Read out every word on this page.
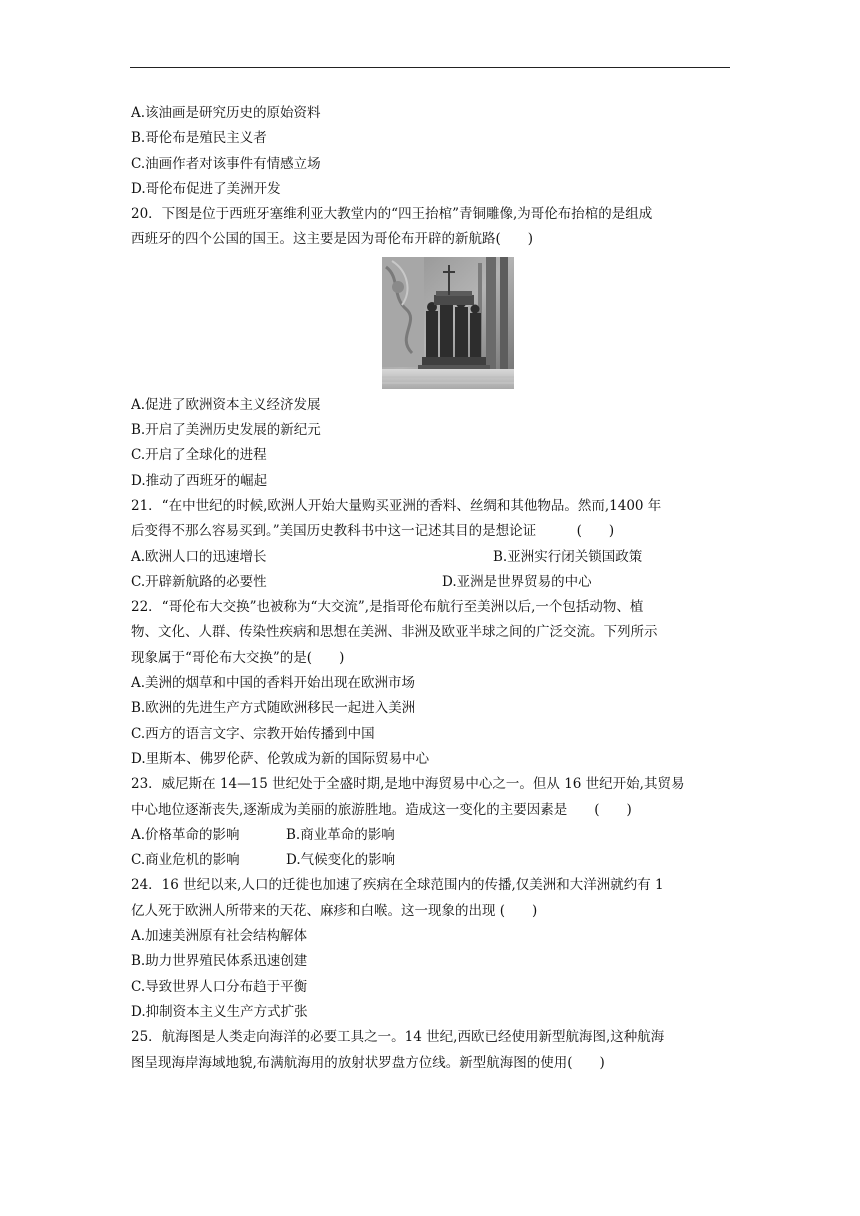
A.该油画是研究历史的原始资料
B.哥伦布是殖民主义者
C.油画作者对该事件有情感立场
D.哥伦布促进了美洲开发
20．下图是位于西班牙塞维利亚大教堂内的“四王抬棺”青铜雕像,为哥伦布抬棺的是组成
西班牙的四个公国的国王。这主要是因为哥伦布开辟的新航路(　　)
A.促进了欧洲资本主义经济发展
B.开启了美洲历史发展的新纪元
C.开启了全球化的进程
D.推动了西班牙的崛起
21．“在中世纪的时候,欧洲人开始大量购买亚洲的香料、丝绸和其他物品。然而,1400 年
后变得不那么容易买到。”美国历史教科书中这一记述其目的是想论证　　　(　　)
A.欧洲人口的迅速增长	B.亚洲实行闭关锁国政策
C.开辟新航路的必要性	D.亚洲是世界贸易的中心
22．“哥伦布大交换”也被称为“大交流”,是指哥伦布航行至美洲以后,一个包括动物、植
物、文化、人群、传染性疾病和思想在美洲、非洲及欧亚半球之间的广泛交流。下列所示
现象属于“哥伦布大交换”的是(　　)
A.美洲的烟草和中国的香料开始出现在欧洲市场
B.欧洲的先进生产方式随欧洲移民一起进入美洲
C.西方的语言文字、宗教开始传播到中国
D.里斯本、佛罗伦萨、伦敦成为新的国际贸易中心
23．威尼斯在 14—15 世纪处于全盛时期,是地中海贸易中心之一。但从 16 世纪开始,其贸易
中心地位逐渐丧失,逐渐成为美丽的旅游胜地。造成这一变化的主要因素是　　(　　)
A.价格革命的影响	B.商业革命的影响
C.商业危机的影响	D.气候变化的影响
24．16 世纪以来,人口的迁徙也加速了疾病在全球范围内的传播,仅美洲和大洋洲就约有 1
亿人死于欧洲人所带来的天花、麻疹和白喉。这一现象的出现 (　　)
A.加速美洲原有社会结构解体
B.助力世界殖民体系迅速创建
C.导致世界人口分布趋于平衡
D.抑制资本主义生产方式扩张
25．航海图是人类走向海洋的必要工具之一。14 世纪,西欧已经使用新型航海图,这种航海
图呈现海岸海域地貌,布满航海用的放射状罗盘方位线。新型航海图的使用(　　)
